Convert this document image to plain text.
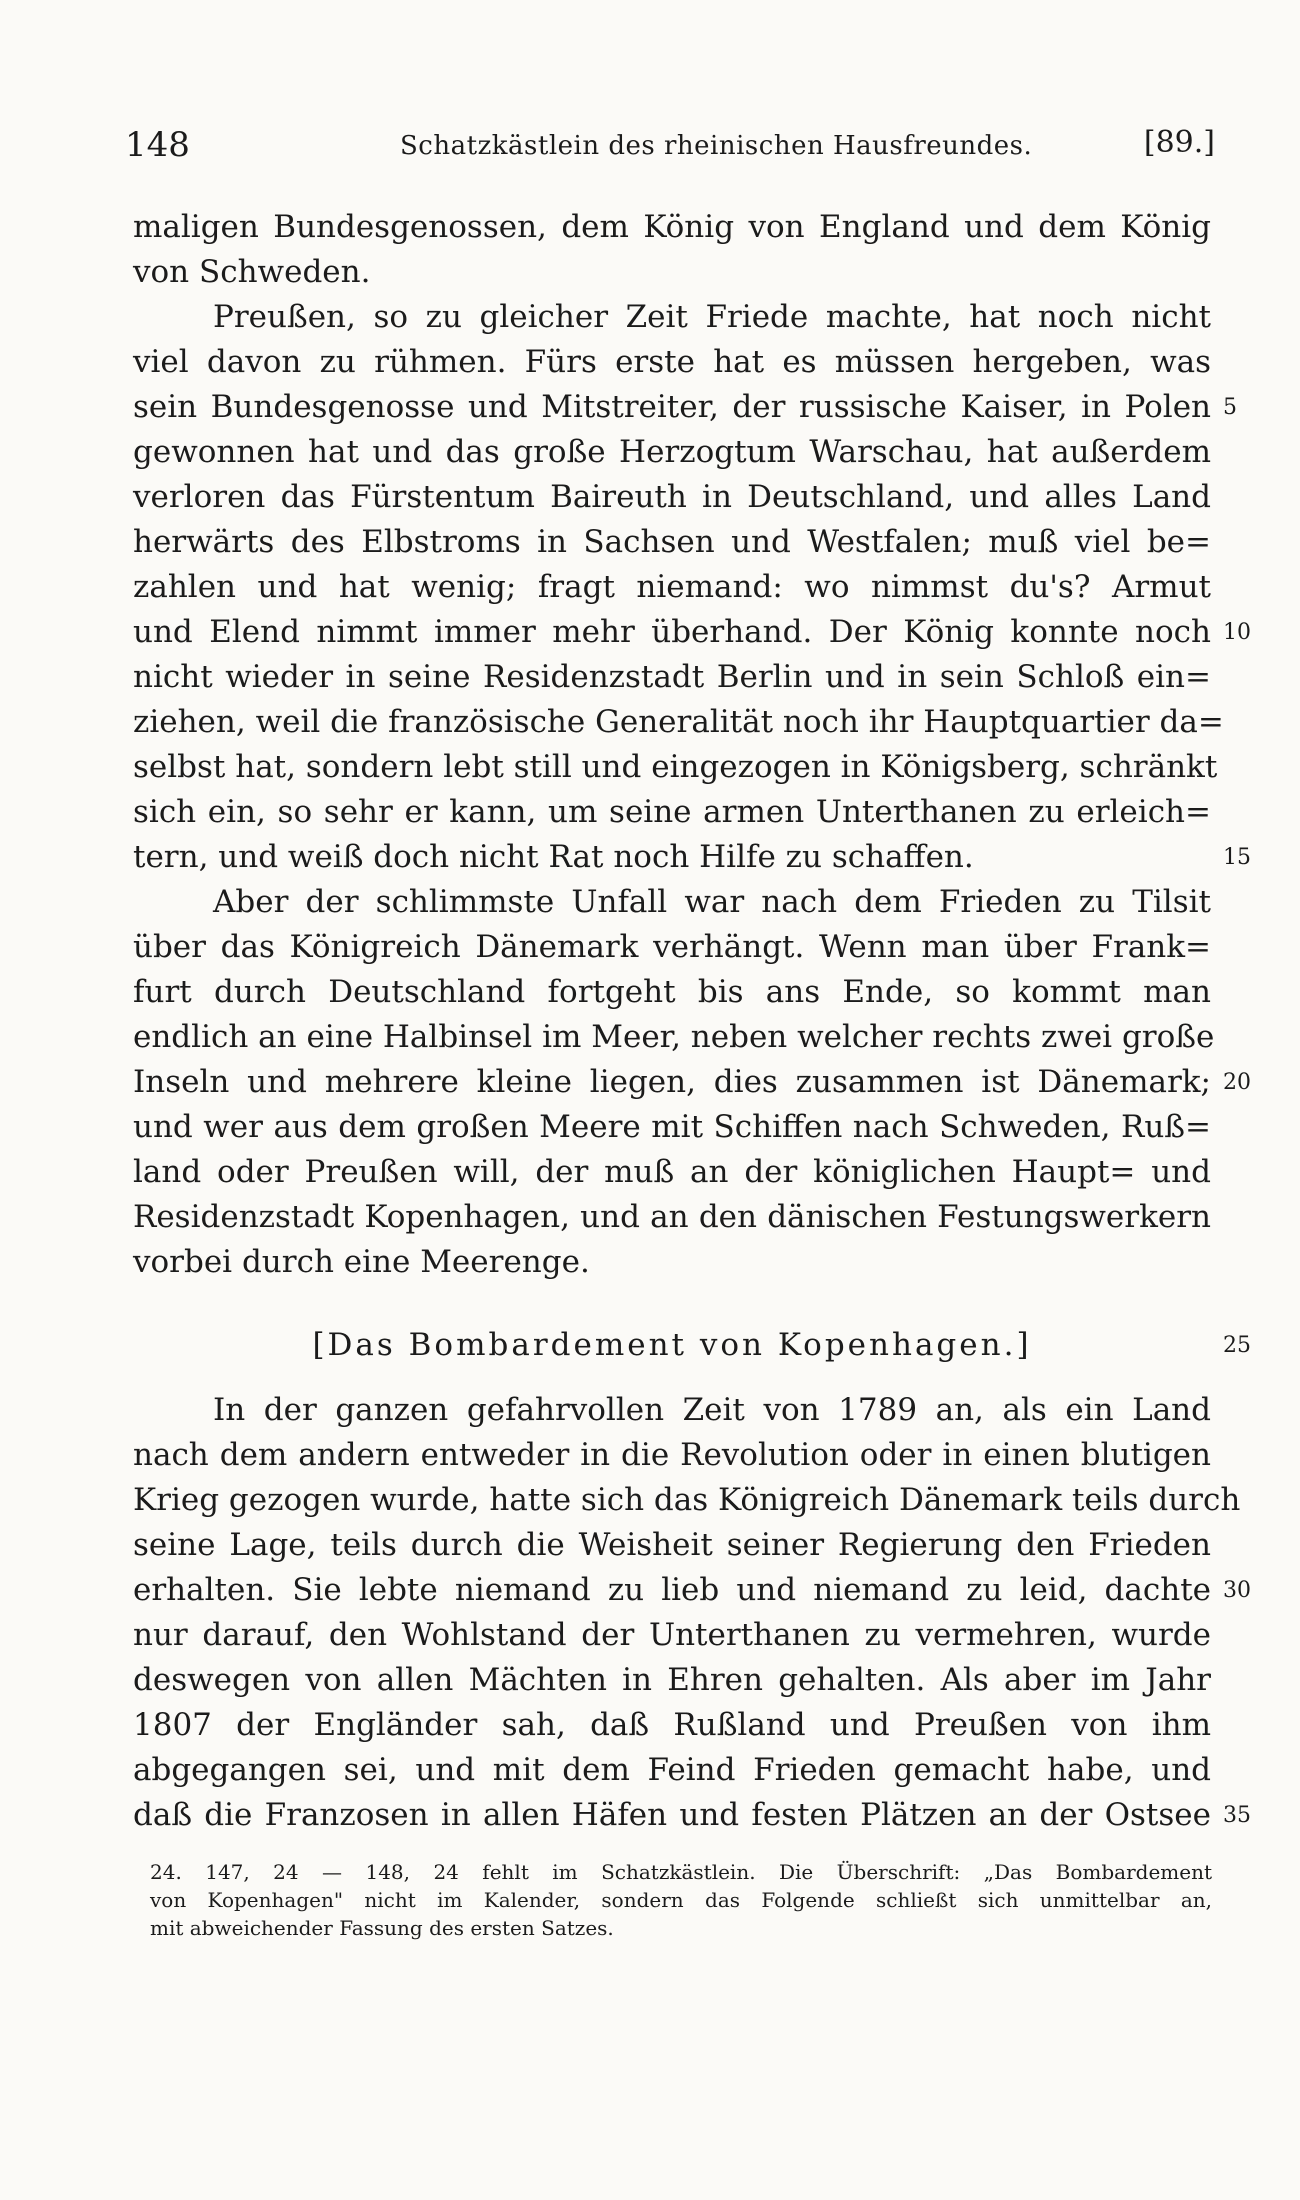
148	Schatzkästlein des rheinischen Hausfreundes.	[89.]
maligen Bundesgenossen, dem König von England und dem König
von Schweden.
Preußen, so zu gleicher Zeit Friede machte, hat noch nicht
viel davon zu rühmen. Fürs erste hat es müssen hergeben, was
sein Bundesgenosse und Mitstreiter, der russische Kaiser, in Polen 5
gewonnen hat und das große Herzogtum Warschau, hat außerdem
verloren das Fürstentum Baireuth in Deutschland, und alles Land
herwärts des Elbstroms in Sachsen und Westfalen; muß viel be=
zahlen und hat wenig; fragt niemand: wo nimmst du's? Armut
und Elend nimmt immer mehr überhand. Der König konnte noch 10
nicht wieder in seine Residenzstadt Berlin und in sein Schloß ein=
ziehen, weil die französische Generalität noch ihr Hauptquartier da=
selbst hat, sondern lebt still und eingezogen in Königsberg, schränkt
sich ein, so sehr er kann, um seine armen Unterthanen zu erleich=
tern, und weiß doch nicht Rat noch Hilfe zu schaffen.	15
Aber der schlimmste Unfall war nach dem Frieden zu Tilsit
über das Königreich Dänemark verhängt. Wenn man über Frank=
furt durch Deutschland fortgeht bis ans Ende, so kommt man
endlich an eine Halbinsel im Meer, neben welcher rechts zwei große
Inseln und mehrere kleine liegen, dies zusammen ist Dänemark; 20
und wer aus dem großen Meere mit Schiffen nach Schweden, Ruß=
land oder Preußen will, der muß an der königlichen Haupt= und
Residenzstadt Kopenhagen, und an den dänischen Festungswerkern
vorbei durch eine Meerenge.
[Das Bombardement von Kopenhagen.]	25
In der ganzen gefahrvollen Zeit von 1789 an, als ein Land
nach dem andern entweder in die Revolution oder in einen blutigen
Krieg gezogen wurde, hatte sich das Königreich Dänemark teils durch
seine Lage, teils durch die Weisheit seiner Regierung den Frieden
erhalten. Sie lebte niemand zu lieb und niemand zu leid, dachte 30
nur darauf, den Wohlstand der Unterthanen zu vermehren, wurde
deswegen von allen Mächten in Ehren gehalten. Als aber im Jahr
1807 der Engländer sah, daß Rußland und Preußen von ihm
abgegangen sei, und mit dem Feind Frieden gemacht habe, und
daß die Franzosen in allen Häfen und festen Plätzen an der Ostsee 35
24. 147, 24 — 148, 24 fehlt im Schatzkästlein. Die Überschrift: „Das Bombardement
von Kopenhagen" nicht im Kalender, sondern das Folgende schließt sich unmittelbar an,
mit abweichender Fassung des ersten Satzes.
